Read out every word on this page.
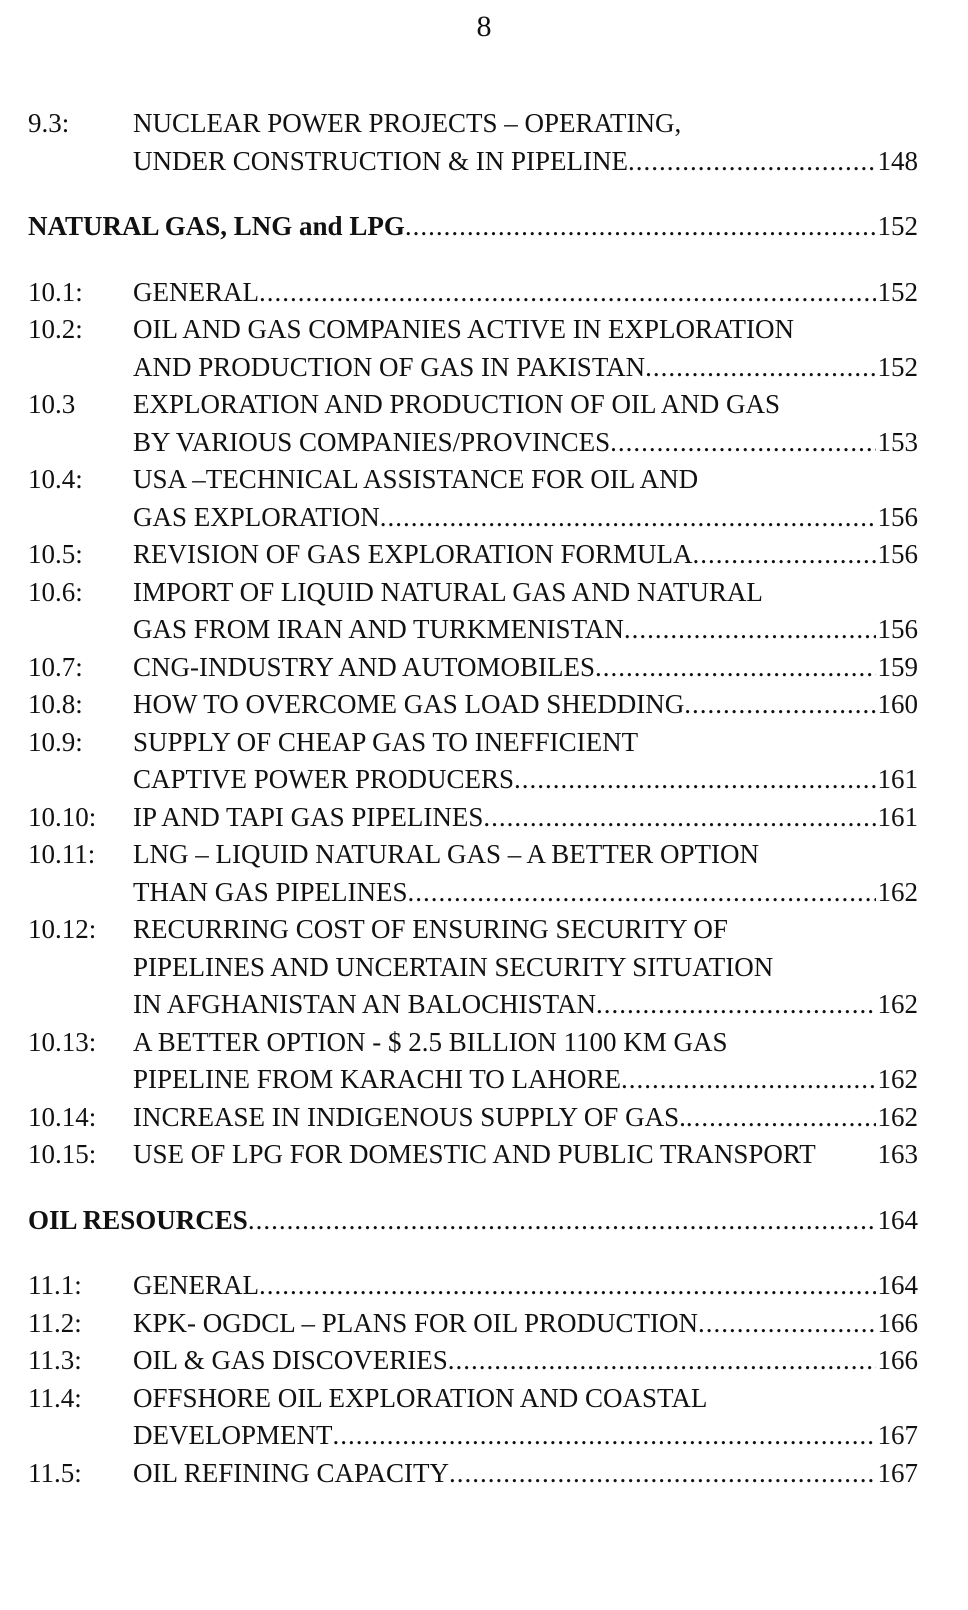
8
9.3: NUCLEAR POWER PROJECTS – OPERATING,
UNDER CONSTRUCTION & IN PIPELINE .....	148
NATURAL GAS, LNG and LPG .....	152
10.1: GENERAL .....	152
10.2: OIL AND GAS COMPANIES ACTIVE IN EXPLORATION
AND PRODUCTION OF GAS IN PAKISTAN .....	152
10.3 EXPLORATION AND PRODUCTION OF OIL AND GAS
BY VARIOUS COMPANIES/PROVINCES .....	153
10.4: USA –TECHNICAL ASSISTANCE FOR OIL AND
GAS EXPLORATION .....	156
10.5: REVISION OF GAS EXPLORATION FORMULA .....	156
10.6: IMPORT OF LIQUID NATURAL GAS AND NATURAL
GAS FROM IRAN AND TURKMENISTAN .....	156
10.7: CNG-INDUSTRY AND AUTOMOBILES .....	159
10.8: HOW TO OVERCOME GAS LOAD SHEDDING .....	160
10.9: SUPPLY OF CHEAP GAS TO INEFFICIENT
CAPTIVE POWER PRODUCERS .....	161
10.10: IP AND TAPI GAS PIPELINES .....	161
10.11: LNG – LIQUID NATURAL GAS – A BETTER OPTION
THAN GAS PIPELINES .....	162
10.12: RECURRING COST OF ENSURING SECURITY OF
PIPELINES AND UNCERTAIN SECURITY SITUATION
IN AFGHANISTAN AN BALOCHISTAN .....	162
10.13: A BETTER OPTION - $ 2.5 BILLION 1100 KM GAS
PIPELINE FROM KARACHI TO LAHORE .....	162
10.14: INCREASE IN INDIGENOUS SUPPLY OF GAS. .....	162
10.15: USE OF LPG FOR DOMESTIC AND PUBLIC TRANSPORT 163
OIL RESOURCES .....	164
11.1: GENERAL .....	164
11.2: KPK- OGDCL – PLANS FOR OIL PRODUCTION .....	166
11.3: OIL & GAS DISCOVERIES .....	166
11.4: OFFSHORE OIL EXPLORATION AND COASTAL
DEVELOPMENT .....	167
11.5: OIL REFINING CAPACITY .....	167
